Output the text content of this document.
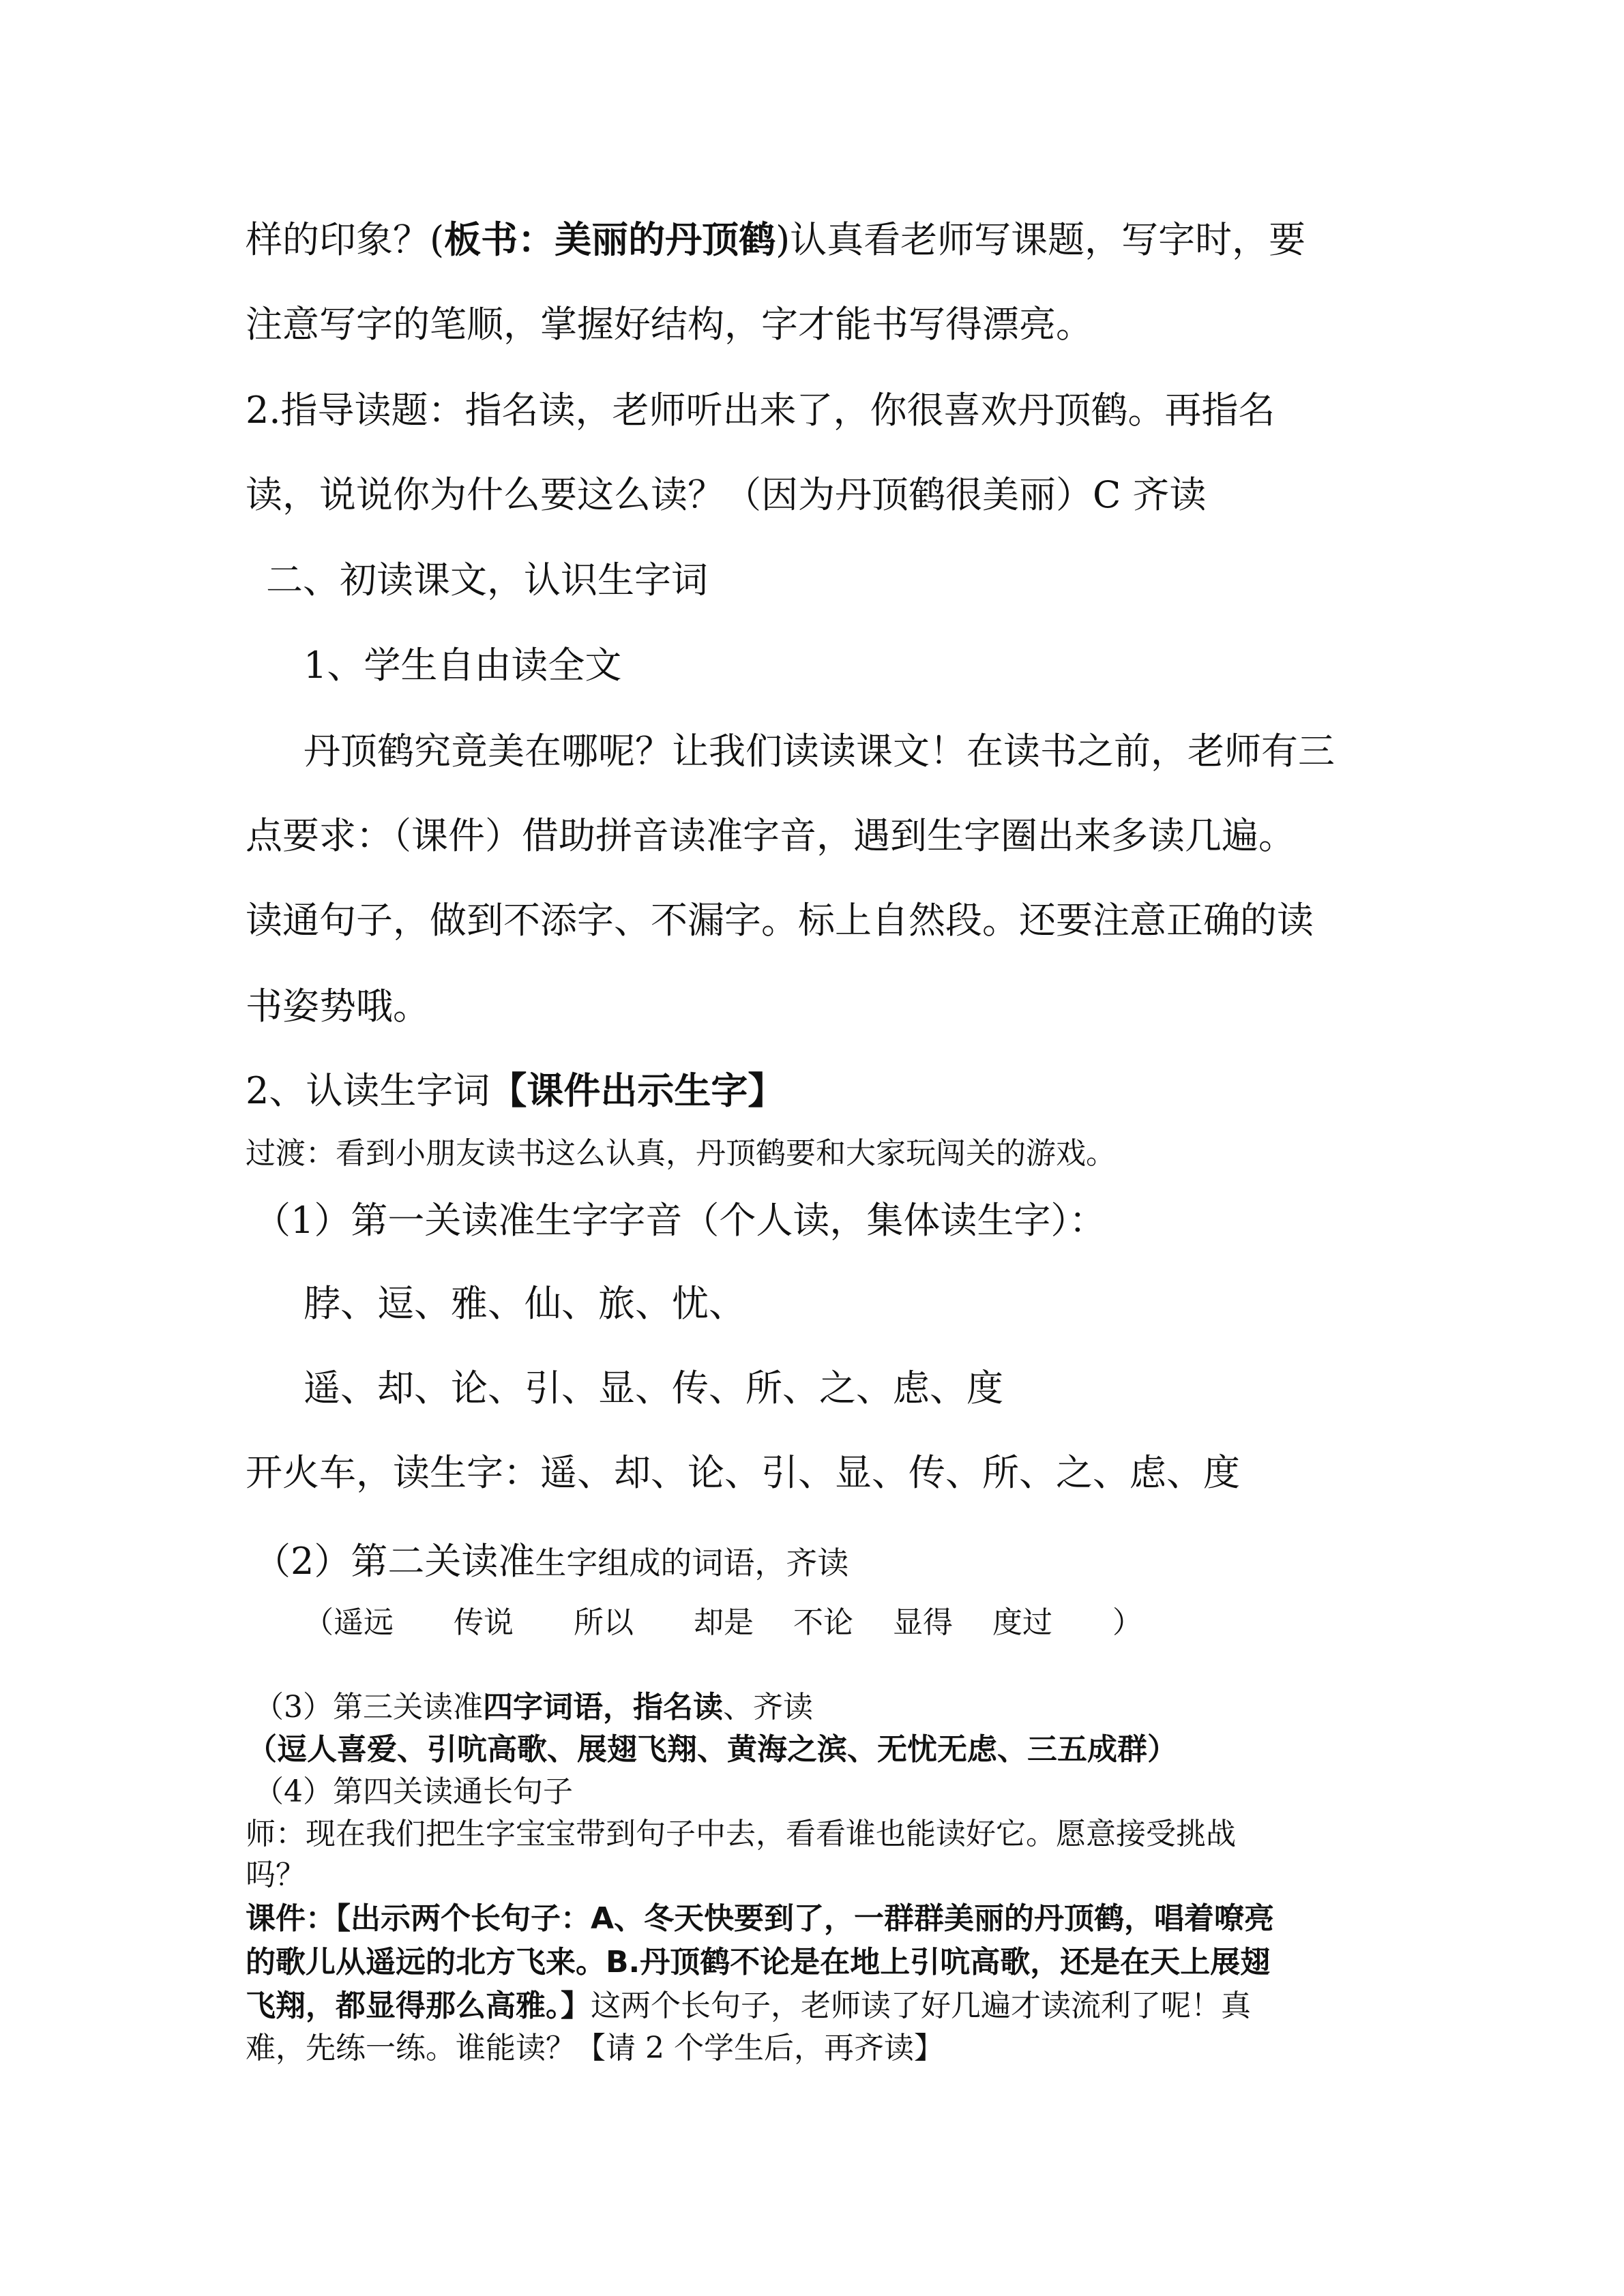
样的印象？(板书：美丽的丹顶鹤)认真看老师写课题，写字时，要
注意写字的笔顺，掌握好结构，字才能书写得漂亮。
2.指导读题：指名读，老师听出来了，你很喜欢丹顶鹤。再指名
读，说说你为什么要这么读？（因为丹顶鹤很美丽）C 齐读
二、初读课文，认识生字词
1、学生自由读全文
丹顶鹤究竟美在哪呢？让我们读读课文！在读书之前，老师有三
点要求：（课件）借助拼音读准字音，遇到生字圈出来多读几遍。
读通句子，做到不添字、不漏字。标上自然段。还要注意正确的读
书姿势哦。
2、认读生字词【课件出示生字】
过渡：看到小朋友读书这么认真，丹顶鹤要和大家玩闯关的游戏。
（1）第一关读准生字字音（个人读，集体读生字）：
脖、逗、雅、仙、旅、忧、
遥、却、论、引、显、传、所、之、虑、度
开火车，读生字：遥、却、论、引、显、传、所、之、虑、度
（2）第二关读准生字组成的词语，齐读
（遥远　　传说　　所以　　却是　 不论　 显得　 度过　　）
（3）第三关读准四字词语，指名读、齐读
（逗人喜爱、引吭高歌、展翅飞翔、黄海之滨、无忧无虑、三五成群）
（4）第四关读通长句子
师：现在我们把生字宝宝带到句子中去，看看谁也能读好它。愿意接受挑战
吗？
课件：【出示两个长句子：A、冬天快要到了，一群群美丽的丹顶鹤，唱着嘹亮
的歌儿从遥远的北方飞来。B.丹顶鹤不论是在地上引吭高歌，还是在天上展翅
飞翔，都显得那么高雅。】这两个长句子，老师读了好几遍才读流利了呢！真
难，先练一练。谁能读？【请 2 个学生后，再齐读】
